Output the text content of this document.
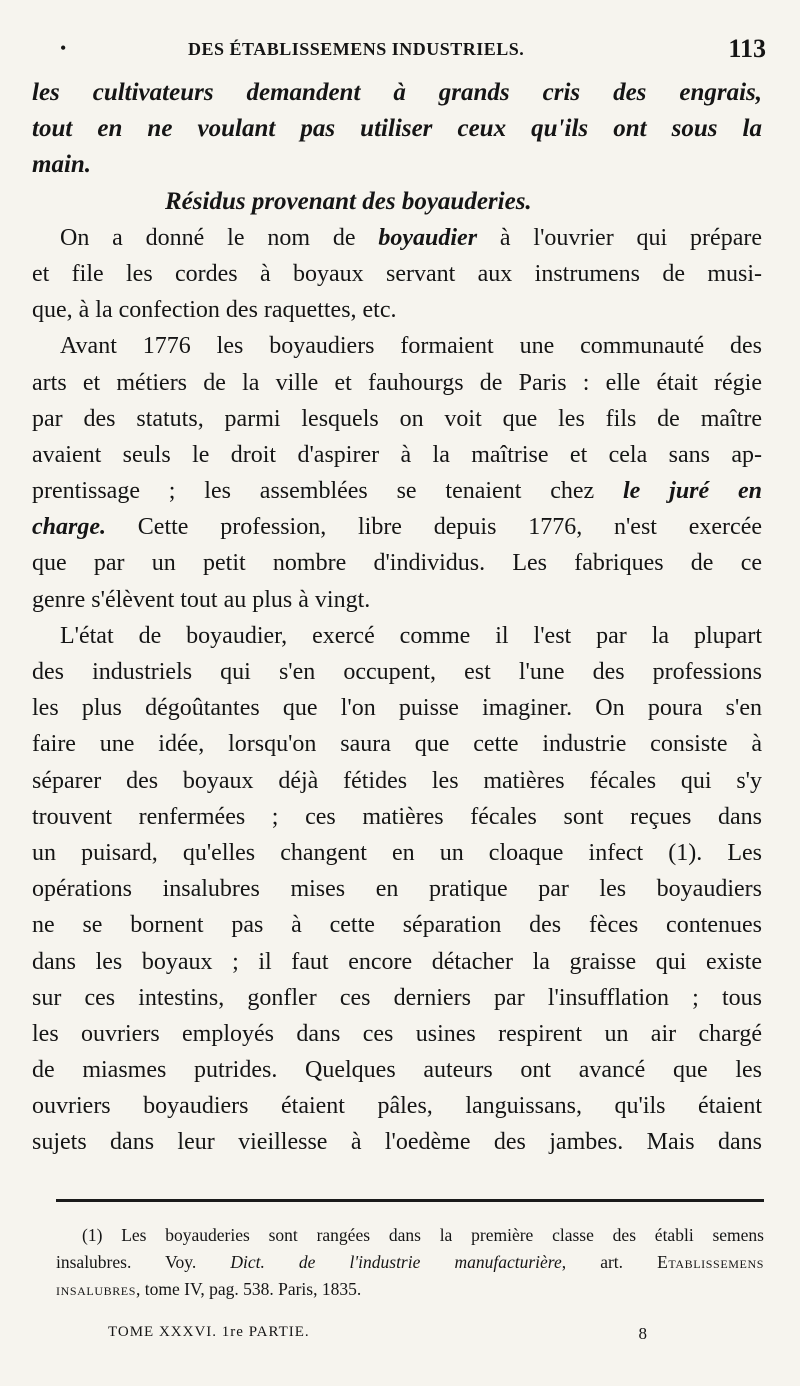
•	DES ÉTABLISSEMENS INDUSTRIELS.	113
les cultivateurs demandent à grands cris des engrais,
tout en ne voulant pas utiliser ceux qu'ils ont sous la
main.
Résidus provenant des boyauderies.
On a donné le nom de boyaudier à l'ouvrier qui prépare
et file les cordes à boyaux servant aux instrumens de musi-
que, à la confection des raquettes, etc.
Avant 1776 les boyaudiers formaient une communauté des
arts et métiers de la ville et fauhourgs de Paris : elle était régie
par des statuts, parmi lesquels on voit que les fils de maître
avaient seuls le droit d'aspirer à la maîtrise et cela sans ap-
prentissage ; les assemblées se tenaient chez le juré en
charge. Cette profession, libre depuis 1776, n'est exercée
que par un petit nombre d'individus. Les fabriques de ce
genre s'élèvent tout au plus à vingt.
L'état de boyaudier, exercé comme il l'est par la plupart
des industriels qui s'en occupent, est l'une des professions
les plus dégoûtantes que l'on puisse imaginer. On poura s'en
faire une idée, lorsqu'on saura que cette industrie consiste à
séparer des boyaux déjà fétides les matières fécales qui s'y
trouvent renfermées ; ces matières fécales sont reçues dans
un puisard, qu'elles changent en un cloaque infect (1). Les
opérations insalubres mises en pratique par les boyaudiers
ne se bornent pas à cette séparation des fèces contenues
dans les boyaux ; il faut encore détacher la graisse qui existe
sur ces intestins, gonfler ces derniers par l'insufflation ; tous
les ouvriers employés dans ces usines respirent un air chargé
de miasmes putrides. Quelques auteurs ont avancé que les
ouvriers boyaudiers étaient pâles, languissans, qu'ils étaient
sujets dans leur vieillesse à l'oedème des jambes. Mais dans
(1) Les boyauderies sont rangées dans la première classe des établi semens
insalubres. Voy. Dict. de l'industrie manufacturière, art. Etablissemens
insalubres, tome IV, pag. 538. Paris, 1835.
TOME XXXVI. 1re PARTIE.	8
